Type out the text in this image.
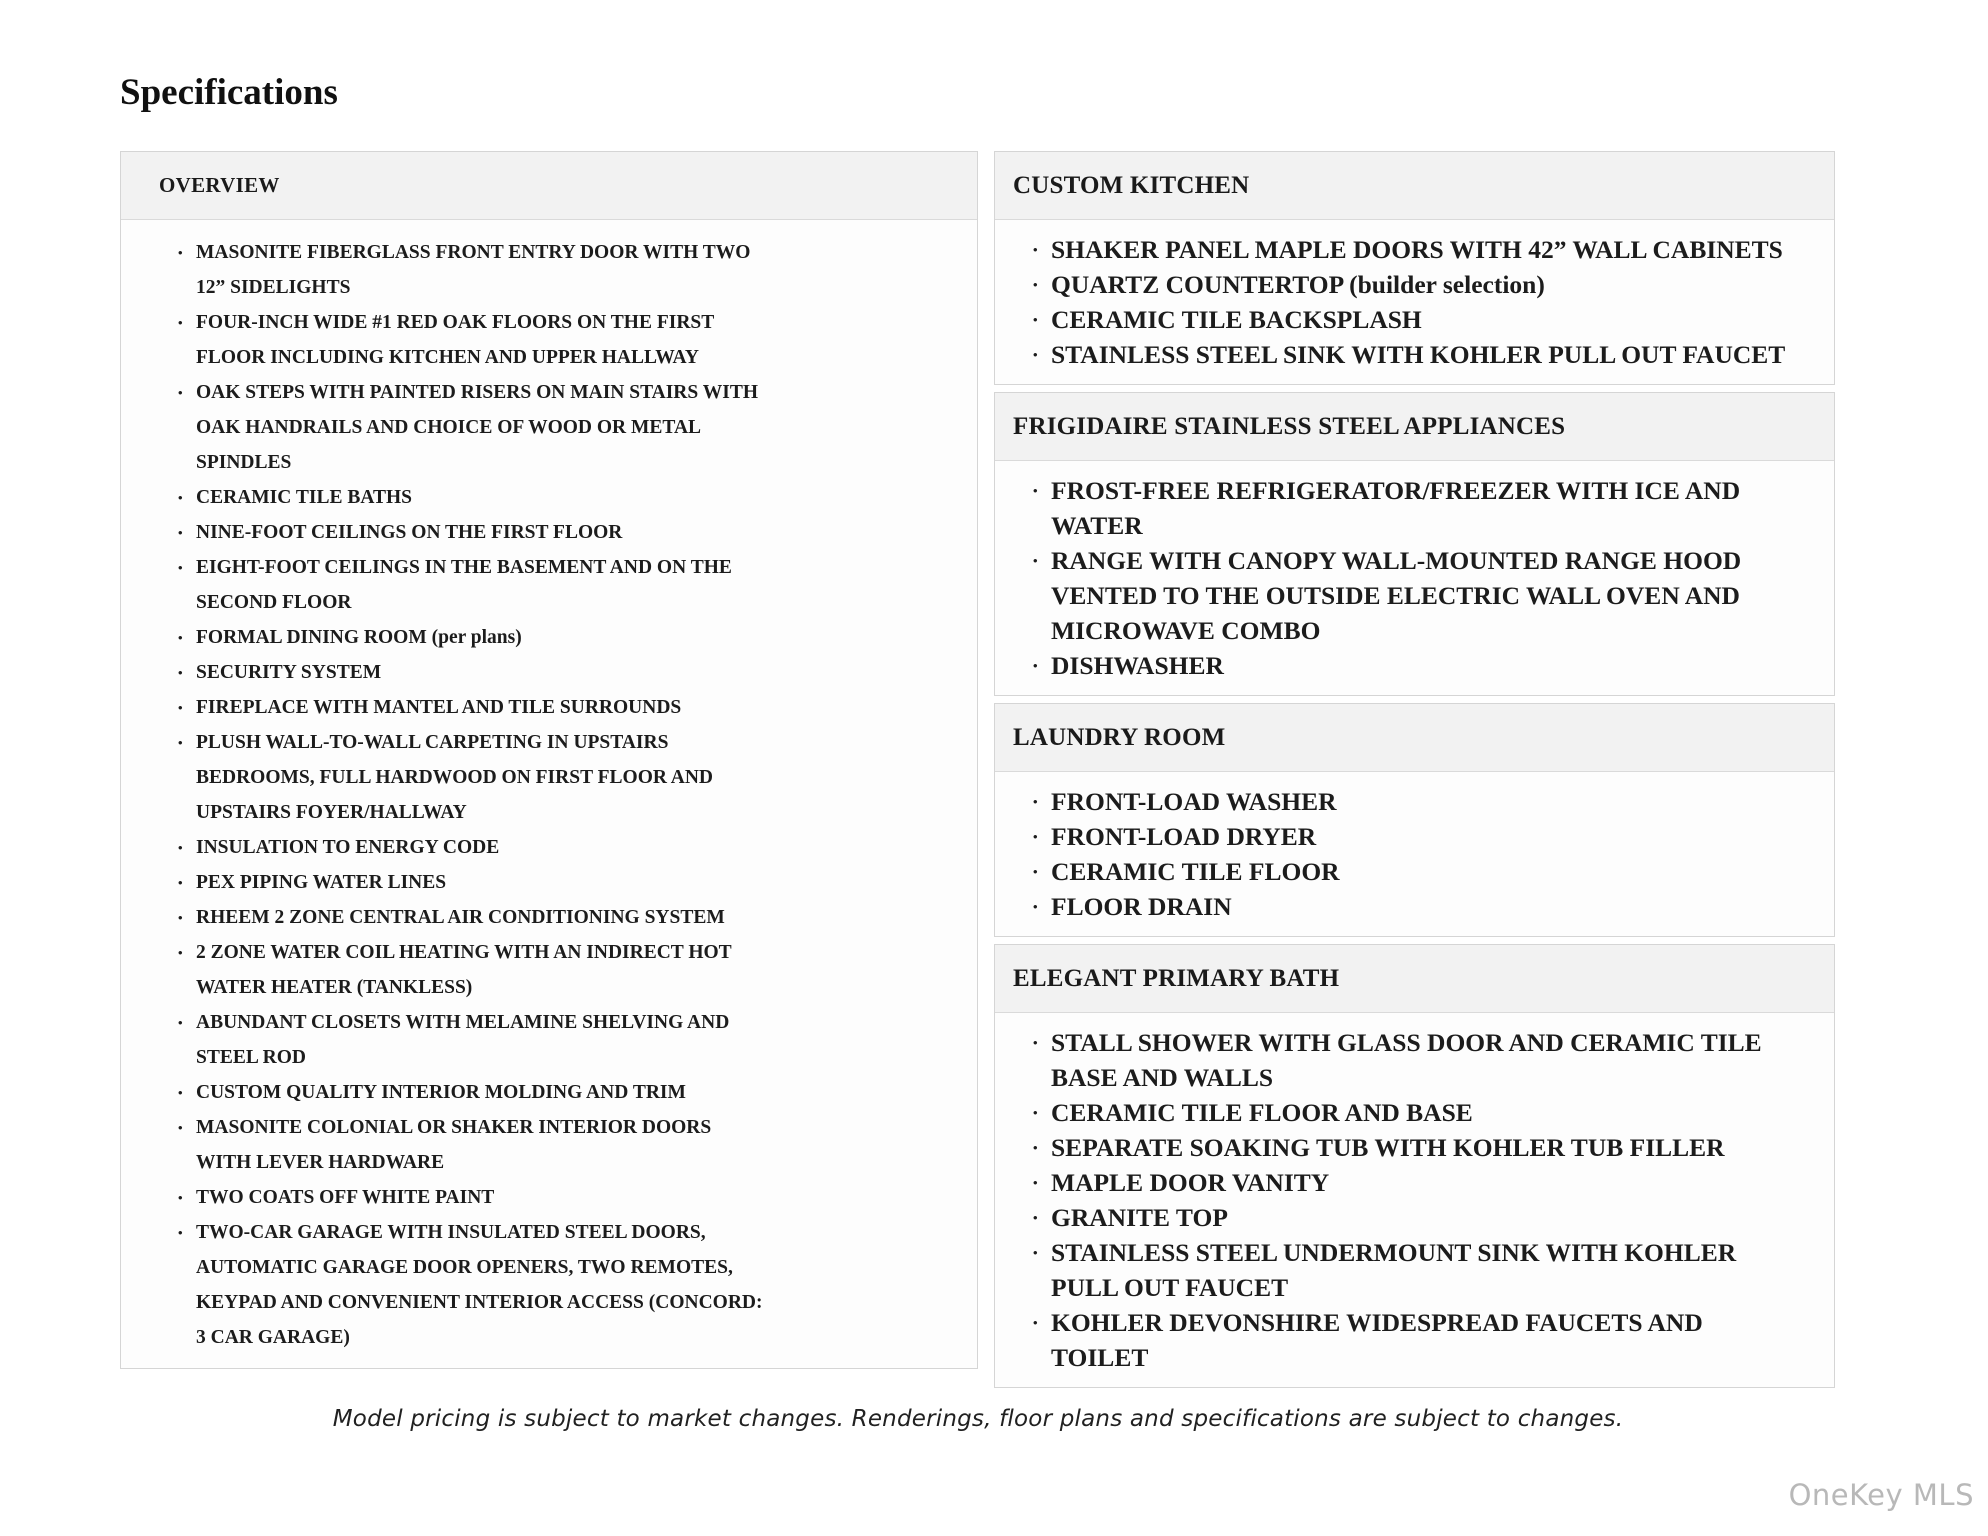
Specifications
OVERVIEW
• MASONITE FIBERGLASS FRONT ENTRY DOOR WITH TWO 12” SIDELIGHTS
• FOUR-INCH WIDE #1 RED OAK FLOORS ON THE FIRST FLOOR INCLUDING KITCHEN AND UPPER HALLWAY
• OAK STEPS WITH PAINTED RISERS ON MAIN STAIRS WITH OAK HANDRAILS AND CHOICE OF WOOD OR METAL SPINDLES
• CERAMIC TILE BATHS
• NINE-FOOT CEILINGS ON THE FIRST FLOOR
• EIGHT-FOOT CEILINGS IN THE BASEMENT AND ON THE SECOND FLOOR
• FORMAL DINING ROOM (per plans)
• SECURITY SYSTEM
• FIREPLACE WITH MANTEL AND TILE SURROUNDS
• PLUSH WALL-TO-WALL CARPETING IN UPSTAIRS BEDROOMS, FULL HARDWOOD ON FIRST FLOOR AND UPSTAIRS FOYER/HALLWAY
• INSULATION TO ENERGY CODE
• PEX PIPING WATER LINES
• RHEEM 2 ZONE CENTRAL AIR CONDITIONING SYSTEM
• 2 ZONE WATER COIL HEATING WITH AN INDIRECT HOT WATER HEATER (TANKLESS)
• ABUNDANT CLOSETS WITH MELAMINE SHELVING AND STEEL ROD
• CUSTOM QUALITY INTERIOR MOLDING AND TRIM
• MASONITE COLONIAL OR SHAKER INTERIOR DOORS WITH LEVER HARDWARE
• TWO COATS OFF WHITE PAINT
• TWO-CAR GARAGE WITH INSULATED STEEL DOORS, AUTOMATIC GARAGE DOOR OPENERS, TWO REMOTES, KEYPAD AND CONVENIENT INTERIOR ACCESS (CONCORD: 3 CAR GARAGE)
CUSTOM KITCHEN
• SHAKER PANEL MAPLE DOORS WITH 42” WALL CABINETS
• QUARTZ COUNTERTOP (builder selection)
• CERAMIC TILE BACKSPLASH
• STAINLESS STEEL SINK WITH KOHLER PULL OUT FAUCET
FRIGIDAIRE STAINLESS STEEL APPLIANCES
• FROST-FREE REFRIGERATOR/FREEZER WITH ICE AND WATER
• RANGE WITH CANOPY WALL-MOUNTED RANGE HOOD VENTED TO THE OUTSIDE ELECTRIC WALL OVEN AND MICROWAVE COMBO
• DISHWASHER
LAUNDRY ROOM
• FRONT-LOAD WASHER
• FRONT-LOAD DRYER
• CERAMIC TILE FLOOR
• FLOOR DRAIN
ELEGANT PRIMARY BATH
• STALL SHOWER WITH GLASS DOOR AND CERAMIC TILE BASE AND WALLS
• CERAMIC TILE FLOOR AND BASE
• SEPARATE SOAKING TUB WITH KOHLER TUB FILLER
• MAPLE DOOR VANITY
• GRANITE TOP
• STAINLESS STEEL UNDERMOUNT SINK WITH KOHLER PULL OUT FAUCET
• KOHLER DEVONSHIRE WIDESPREAD FAUCETS AND TOILET
Model pricing is subject to market changes. Renderings, floor plans and specifications are subject to changes.
OneKey MLS
